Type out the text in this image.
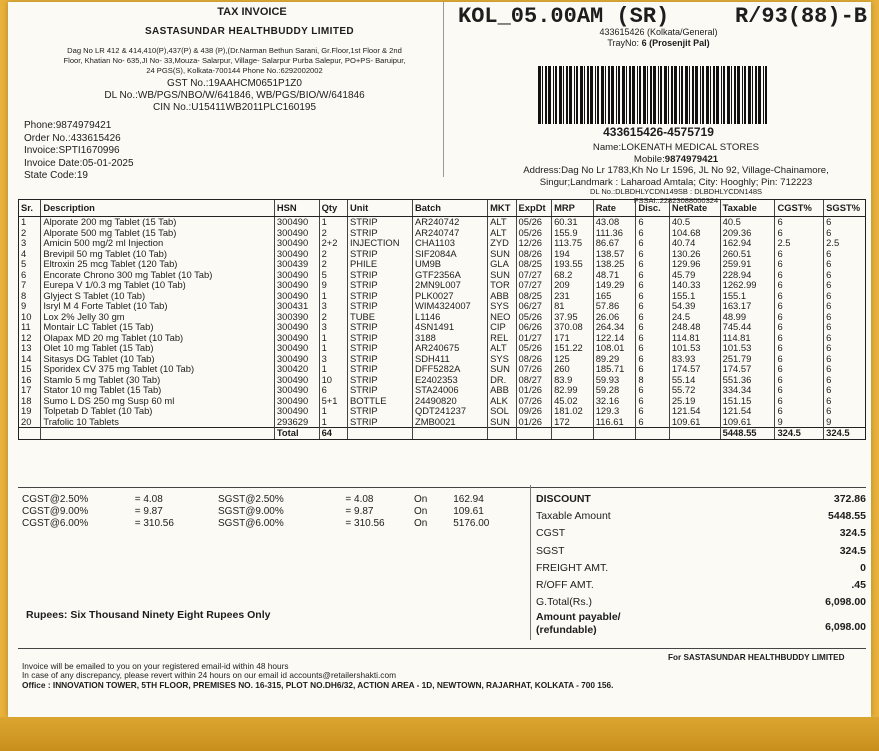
TAX INVOICE
SASTASUNDAR HEALTHBUDDY LIMITED
Dag No LR 412 & 414,410(P),437(P) & 438 (P),(Dr.Narman Bethun Sarani, Gr.Floor,1st Floor & 2nd
Floor, Khatian No- 635,JI No- 33,Mouza- Salarpur, Village- Salarpur Purba Salepur, PO+PS- Baruipur,
24 PGS(S), Kolkata-700144 Phone No.:6292002002
GST No.:19AAHCM0651P1Z0
DL No.:WB/PGS/NBO/W/641846, WB/PGS/BIO/W/641846
CIN No.:U15411WB2011PLC160195
Phone:9874979421
Order No.:433615426
Invoice:SPTI1670996
Invoice Date:05-01-2025
State Code:19
KOL_05.00AM (SR)	R/93(88)-B
433615426 (Kolkata/General)
TrayNo: 6 (Prosenjit Pal)
433615426-4575719
Name:LOKENATH MEDICAL STORES
Mobile:9874979421
Address:Dag No Lr 1783,Kh No Lr 1596, JL No 92, Village-Chainamore,
Singur;Landmark : Laharoad Amtala; City: Hooghly; Pin: 712223
DL No.:DLBDHLYCDN149SB : DLBDHLYCDN148S
FSSAI.:22823088000324
Sr.	Description	HSN	Qty	Unit	Batch	MKT	ExpDt	MRP	Rate	Disc.	NetRate	Taxable	CGST%	SGST%
1	Alporate 200 mg Tablet (15 Tab)	300490	1	STRIP	AR240742	ALT	05/26	60.31	43.08	6	40.5	40.5	6	6
2	Alporate 500 mg Tablet (15 Tab)	300490	2	STRIP	AR240747	ALT	05/26	155.9	111.36	6	104.68	209.36	6	6
3	Amicin 500 mg/2 ml Injection	300490	2+2	INJECTION	CHA1103	ZYD	12/26	113.75	86.67	6	40.74	162.94	2.5	2.5
4	Brevipil 50 mg Tablet (10 Tab)	300490	2	STRIP	SIF2084A	SUN	08/26	194	138.57	6	130.26	260.51	6	6
5	Eltroxin 25 mcg Tablet (120 Tab)	300439	2	PHILE	UM9B	GLA	08/25	193.55	138.25	6	129.96	259.91	6	6
6	Encorate Chrono 300 mg Tablet (10 Tab)	300490	5	STRIP	GTF2356A	SUN	07/27	68.2	48.71	6	45.79	228.94	6	6
7	Eurepa V 1/0.3 mg Tablet (10 Tab)	300490	9	STRIP	2MN9L007	TOR	07/27	209	149.29	6	140.33	1262.99	6	6
8	Glyject S Tablet (10 Tab)	300490	1	STRIP	PLK0027	ABB	08/25	231	165	6	155.1	155.1	6	6
9	Isryl M 4 Forte Tablet (10 Tab)	300431	3	STRIP	WIM4324007	SYS	06/27	81	57.86	6	54.39	163.17	6	6
10	Lox 2% Jelly 30 gm	300390	2	TUBE	L1146	NEO	05/26	37.95	26.06	6	24.5	48.99	6	6
11	Montair LC Tablet (15 Tab)	300490	3	STRIP	4SN1491	CIP	06/26	370.08	264.34	6	248.48	745.44	6	6
12	Olapax MD 20 mg Tablet (10 Tab)	300490	1	STRIP	3188	REL	01/27	171	122.14	6	114.81	114.81	6	6
13	Olet 10 mg Tablet (15 Tab)	300490	1	STRIP	AR240675	ALT	05/26	151.22	108.01	6	101.53	101.53	6	6
14	Sitasys DG Tablet (10 Tab)	300490	3	STRIP	SDH411	SYS	08/26	125	89.29	6	83.93	251.79	6	6
15	Sporidex CV 375 mg Tablet (10 Tab)	300420	1	STRIP	DFF5282A	SUN	07/26	260	185.71	6	174.57	174.57	6	6
16	Stamlo 5 mg Tablet (30 Tab)	300490	10	STRIP	E2402353	DR.	08/27	83.9	59.93	8	55.14	551.36	6	6
17	Stator 10 mg Tablet (15 Tab)	300490	6	STRIP	STA24006	ABB	01/26	82.99	59.28	6	55.72	334.34	6	6
18	Sumo L DS 250 mg Susp 60 ml	300490	5+1	BOTTLE	24490820	ALK	07/26	45.02	32.16	6	25.19	151.15	6	6
19	Tolpetab D Tablet (10 Tab)	300490	1	STRIP	QDT241237	SOL	09/26	181.02	129.3	6	121.54	121.54	6	6
20	Trafolic 10 Tablets	293629	1	STRIP	ZMB0021	SUN	01/26	172	116.61	6	109.61	109.61	9	9
		Total	64									5448.55	324.5	324.5
CGST@2.50%	= 4.08	SGST@2.50%	= 4.08	On	162.94
CGST@9.00%	= 9.87	SGST@9.00%	= 9.87	On	109.61
CGST@6.00%	= 310.56	SGST@6.00%	= 310.56	On	5176.00
DISCOUNT	372.86
Taxable Amount	5448.55
CGST	324.5
SGST	324.5
FREIGHT AMT.	0
R/OFF AMT.	.45
G.Total(Rs.)	6,098.00
Amount payable/
(refundable)	6,098.00
Rupees: Six Thousand Ninety Eight Rupees Only
For SASTASUNDAR HEALTHBUDDY LIMITED
Invoice will be emailed to you on your registered email-id within 48 hours
In case of any discrepancy, please revert within 24 hours on our email id accounts@retailershakti.com
Office : INNOVATION TOWER, 5TH FLOOR, PREMISES NO. 16-315, PLOT NO.DH6/32, ACTION AREA - 1D, NEWTOWN, RAJARHAT, KOLKATA - 700 156.
